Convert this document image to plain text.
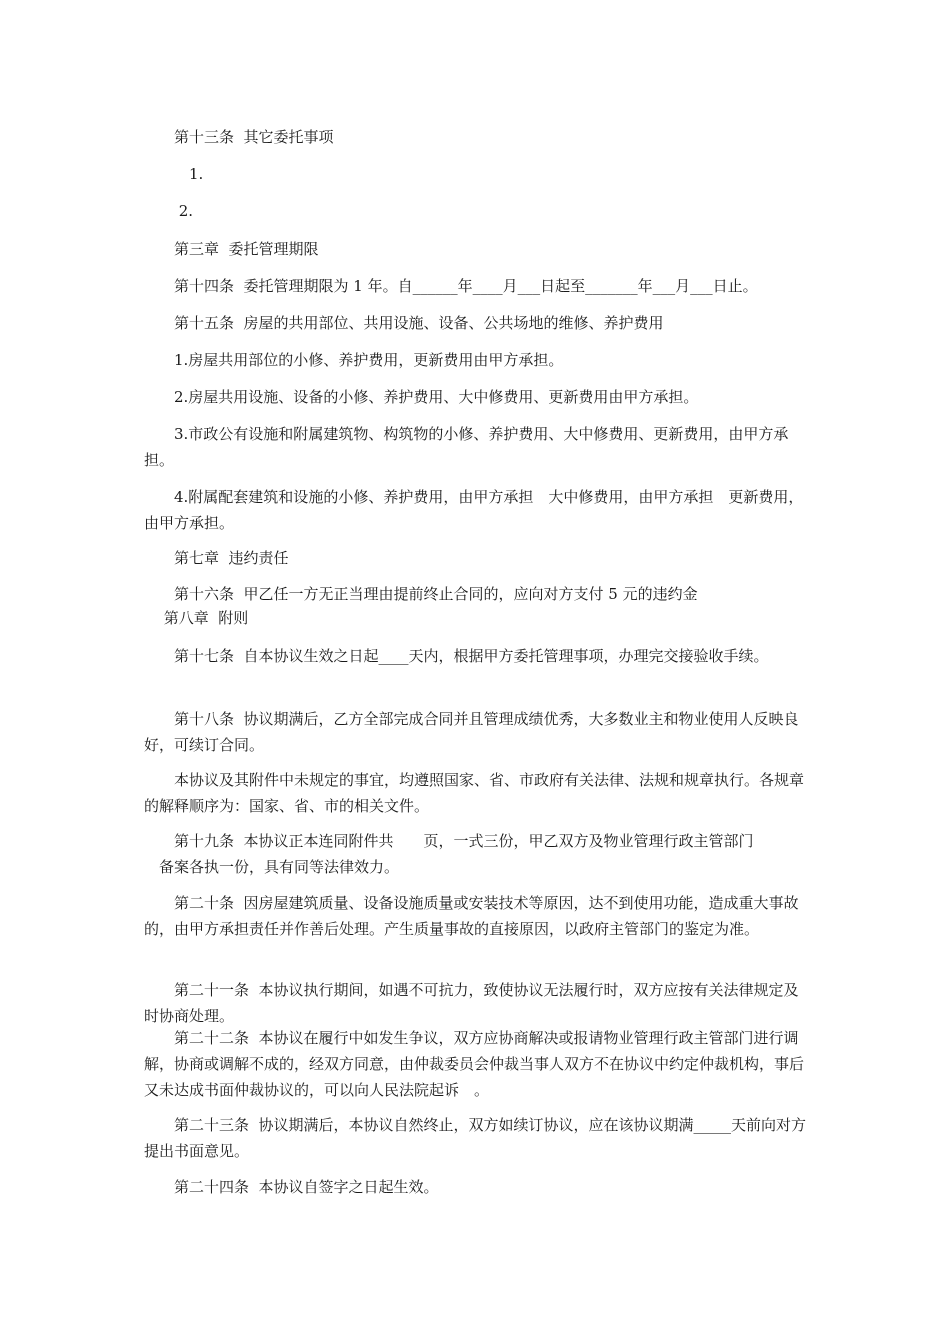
　　第十三条  其它委托事项

　　　1.

　　 2.

　　第三章  委托管理期限

　　第十四条  委托管理期限为 1 年。自______年____月___日起至_______年___月___日止。

　　第十五条  房屋的共用部位、共用设施、设备、公共场地的维修、养护费用

　　1.房屋共用部位的小修、养护费用，更新费用由甲方承担。

　　2.房屋共用设施、设备的小修、养护费用、大中修费用、更新费用由甲方承担。

　　3.市政公有设施和附属建筑物、构筑物的小修、养护费用、大中修费用、更新费用，由甲方承担。

　　4.附属配套建筑和设施的小修、养护费用，由甲方承担　大中修费用，由甲方承担　更新费用，由甲方承担。

　　第七章  违约责任

　　第十六条  甲乙任一方无正当理由提前终止合同的，应向对方支付 5 元的违约金

　 第八章  附则

　　第十七条  自本协议生效之日起____天内，根据甲方委托管理事项，办理完交接验收手续。

　　第十八条  协议期满后，乙方全部完成合同并且管理成绩优秀，大多数业主和物业使用人反映良好，可续订合同。

　　本协议及其附件中未规定的事宜，均遵照国家、省、市政府有关法律、法规和规章执行。各规章的解释顺序为：国家、省、市的相关文件。

　　第十九条  本协议正本连同附件共　　页，一式三份，甲乙双方及物业管理行政主管部门

　备案各执一份，具有同等法律效力。

　　第二十条  因房屋建筑质量、设备设施质量或安装技术等原因，达不到使用功能，造成重大事故的，由甲方承担责任并作善后处理。产生质量事故的直接原因，以政府主管部门的鉴定为准。

　　第二十一条  本协议执行期间，如遇不可抗力，致使协议无法履行时，双方应按有关法律规定及时协商处理。

　　第二十二条  本协议在履行中如发生争议，双方应协商解决或报请物业管理行政主管部门进行调解，协商或调解不成的，经双方同意，由仲裁委员会仲裁当事人双方不在协议中约定仲裁机构，事后又未达成书面仲裁协议的，可以向人民法院起诉　。

　　第二十三条  协议期满后，本协议自然终止，双方如续订协议，应在该协议期满_____天前向对方提出书面意见。

　　第二十四条  本协议自签字之日起生效。
